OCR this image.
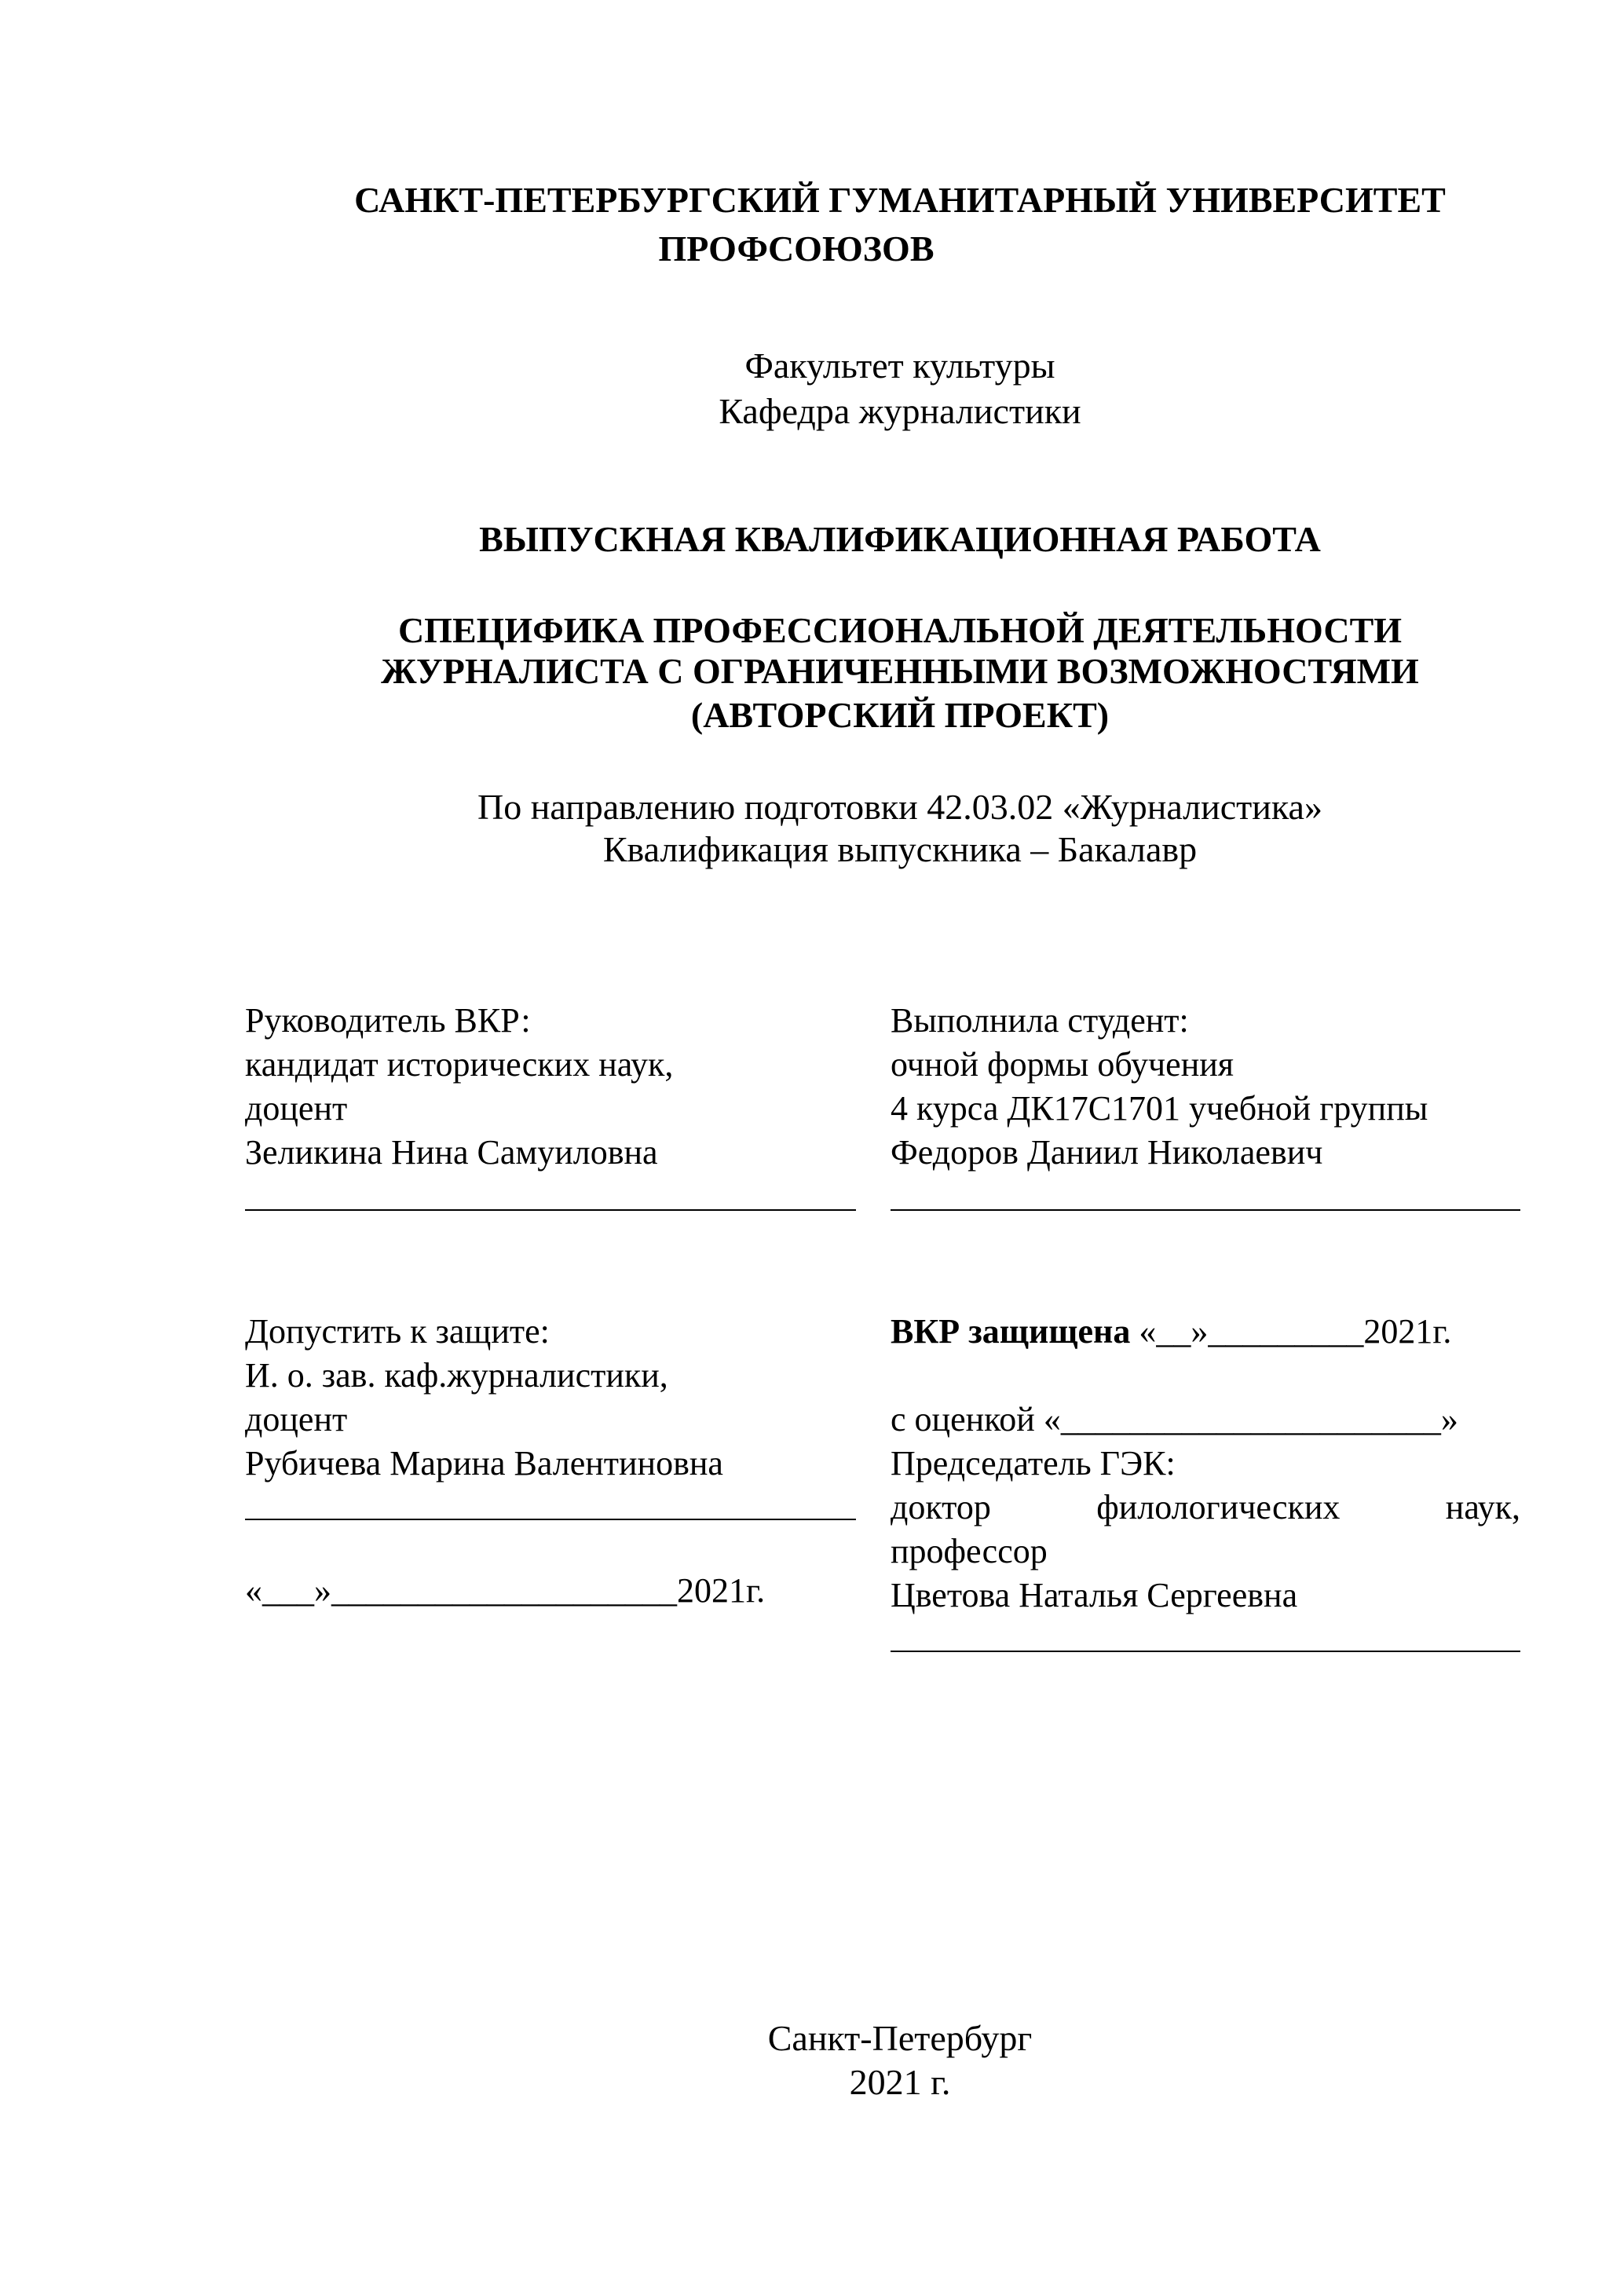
САНКТ-ПЕТЕРБУРГСКИЙ ГУМАНИТАРНЫЙ УНИВЕРСИТЕТ
ПРОФСОЮЗОВ
Факультет культуры
Кафедра журналистики
ВЫПУСКНАЯ КВАЛИФИКАЦИОННАЯ РАБОТА
СПЕЦИФИКА ПРОФЕССИОНАЛЬНОЙ ДЕЯТЕЛЬНОСТИ
ЖУРНАЛИСТА С ОГРАНИЧЕННЫМИ ВОЗМОЖНОСТЯМИ
(АВТОРСКИЙ ПРОЕКТ)
По направлению подготовки 42.03.02 «Журналистика»
Квалификация выпускника – Бакалавр
Руководитель ВКР:
кандидат исторических наук,
доцент
Зеликина Нина Самуиловна
Выполнила студент:
очной формы обучения
4 курса ДК17С1701 учебной группы
Федоров Даниил Николаевич
Допустить к защите:
И. о. зав. каф.журналистики,
доцент
Рубичева Марина Валентиновна
«___»____________________2021г.
ВКР защищена «__»_________2021г.
с оценкой «______________________»
Председатель ГЭК:
доктор	филологических	наук,
профессор
Цветова Наталья Сергеевна
Санкт-Петербург
2021 г.
